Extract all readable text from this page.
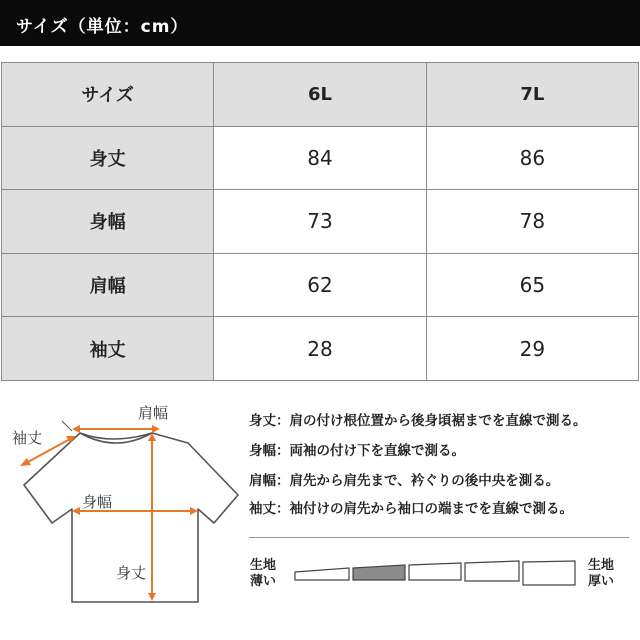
サイズ（単位：cm）
サイズ	6L	7L
身丈	84	86
身幅	73	78
肩幅	62	65
袖丈	28	29
肩幅
袖丈
身幅
身丈
身丈：肩の付け根位置から後身頃裾までを直線で測る。
身幅：両袖の付け下を直線で測る。
肩幅：肩先から肩先まで、衿ぐりの後中央を測る。
袖丈：袖付けの肩先から袖口の端までを直線で測る。
生地
薄い
生地
厚い
